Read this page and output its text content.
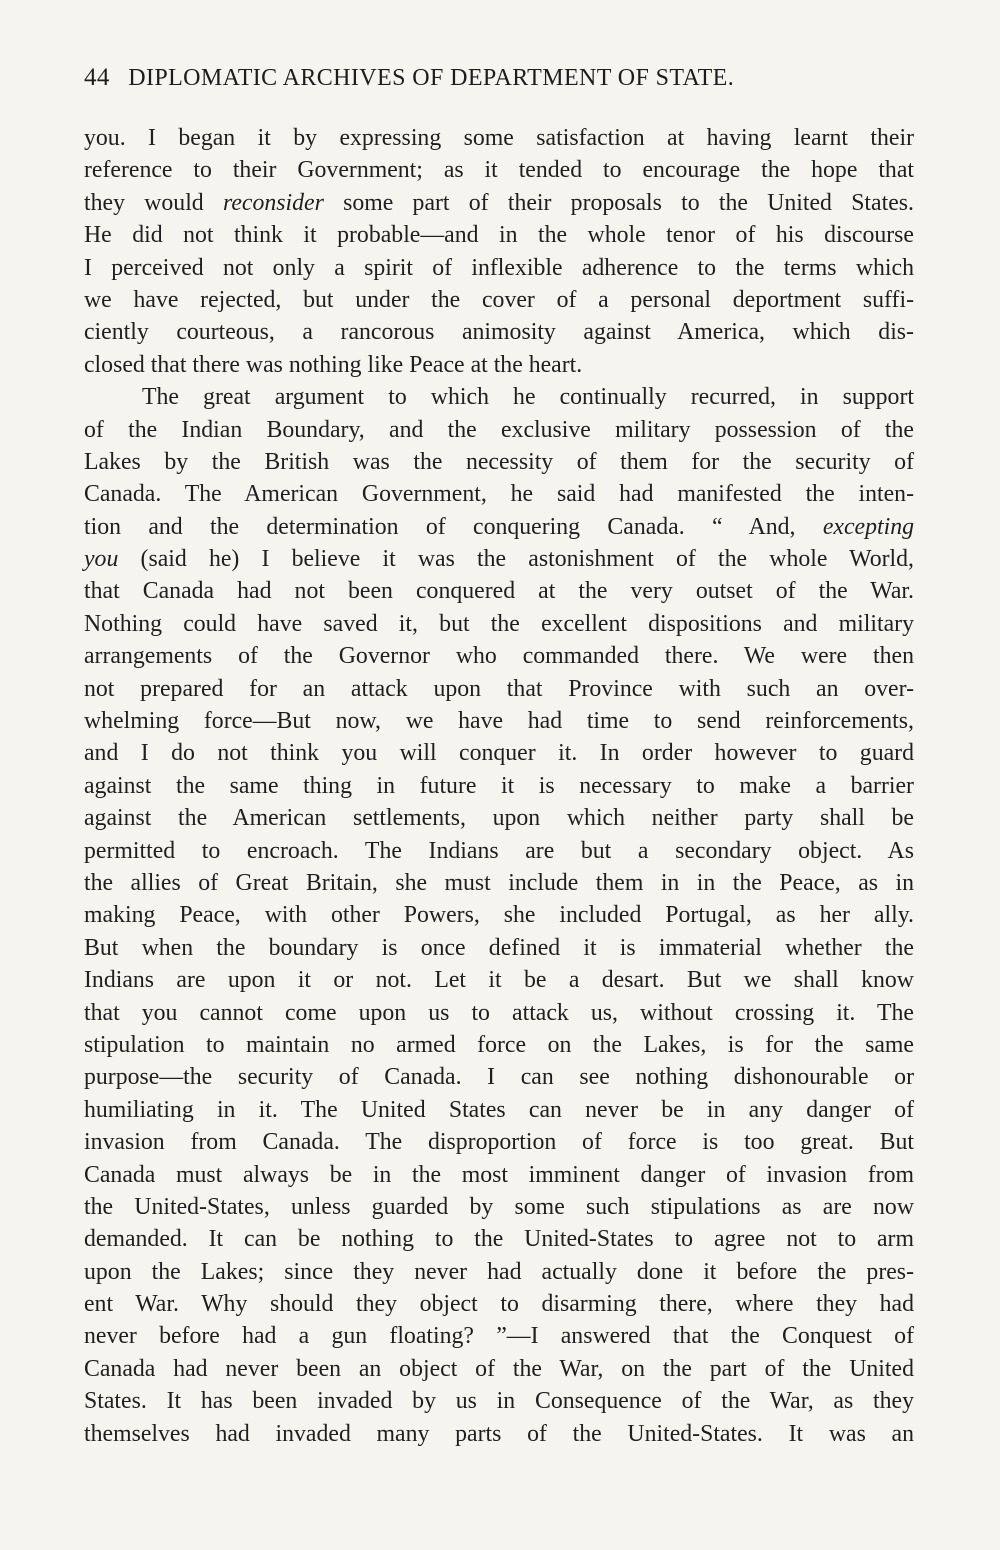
44 DIPLOMATIC ARCHIVES OF DEPARTMENT OF STATE.
you. I began it by expressing some satisfaction at having learnt their
reference to their Government; as it tended to encourage the hope that
they would reconsider some part of their proposals to the United States.
He did not think it probable—and in the whole tenor of his discourse
I perceived not only a spirit of inflexible adherence to the terms which
we have rejected, but under the cover of a personal deportment suffi-
ciently courteous, a rancorous animosity against America, which dis-
closed that there was nothing like Peace at the heart.
The great argument to which he continually recurred, in support
of the Indian Boundary, and the exclusive military possession of the
Lakes by the British was the necessity of them for the security of
Canada. The American Government, he said had manifested the inten-
tion and the determination of conquering Canada. “ And, excepting
you (said he) I believe it was the astonishment of the whole World,
that Canada had not been conquered at the very outset of the War.
Nothing could have saved it, but the excellent dispositions and military
arrangements of the Governor who commanded there. We were then
not prepared for an attack upon that Province with such an over-
whelming force—But now, we have had time to send reinforcements,
and I do not think you will conquer it. In order however to guard
against the same thing in future it is necessary to make a barrier
against the American settlements, upon which neither party shall be
permitted to encroach. The Indians are but a secondary object. As
the allies of Great Britain, she must include them in in the Peace, as in
making Peace, with other Powers, she included Portugal, as her ally.
But when the boundary is once defined it is immaterial whether the
Indians are upon it or not. Let it be a desart. But we shall know
that you cannot come upon us to attack us, without crossing it. The
stipulation to maintain no armed force on the Lakes, is for the same
purpose—the security of Canada. I can see nothing dishonourable or
humiliating in it. The United States can never be in any danger of
invasion from Canada. The disproportion of force is too great. But
Canada must always be in the most imminent danger of invasion from
the United-States, unless guarded by some such stipulations as are now
demanded. It can be nothing to the United-States to agree not to arm
upon the Lakes; since they never had actually done it before the pres-
ent War. Why should they object to disarming there, where they had
never before had a gun floating? ”—I answered that the Conquest of
Canada had never been an object of the War, on the part of the United
States. It has been invaded by us in Consequence of the War, as they
themselves had invaded many parts of the United-States. It was an
